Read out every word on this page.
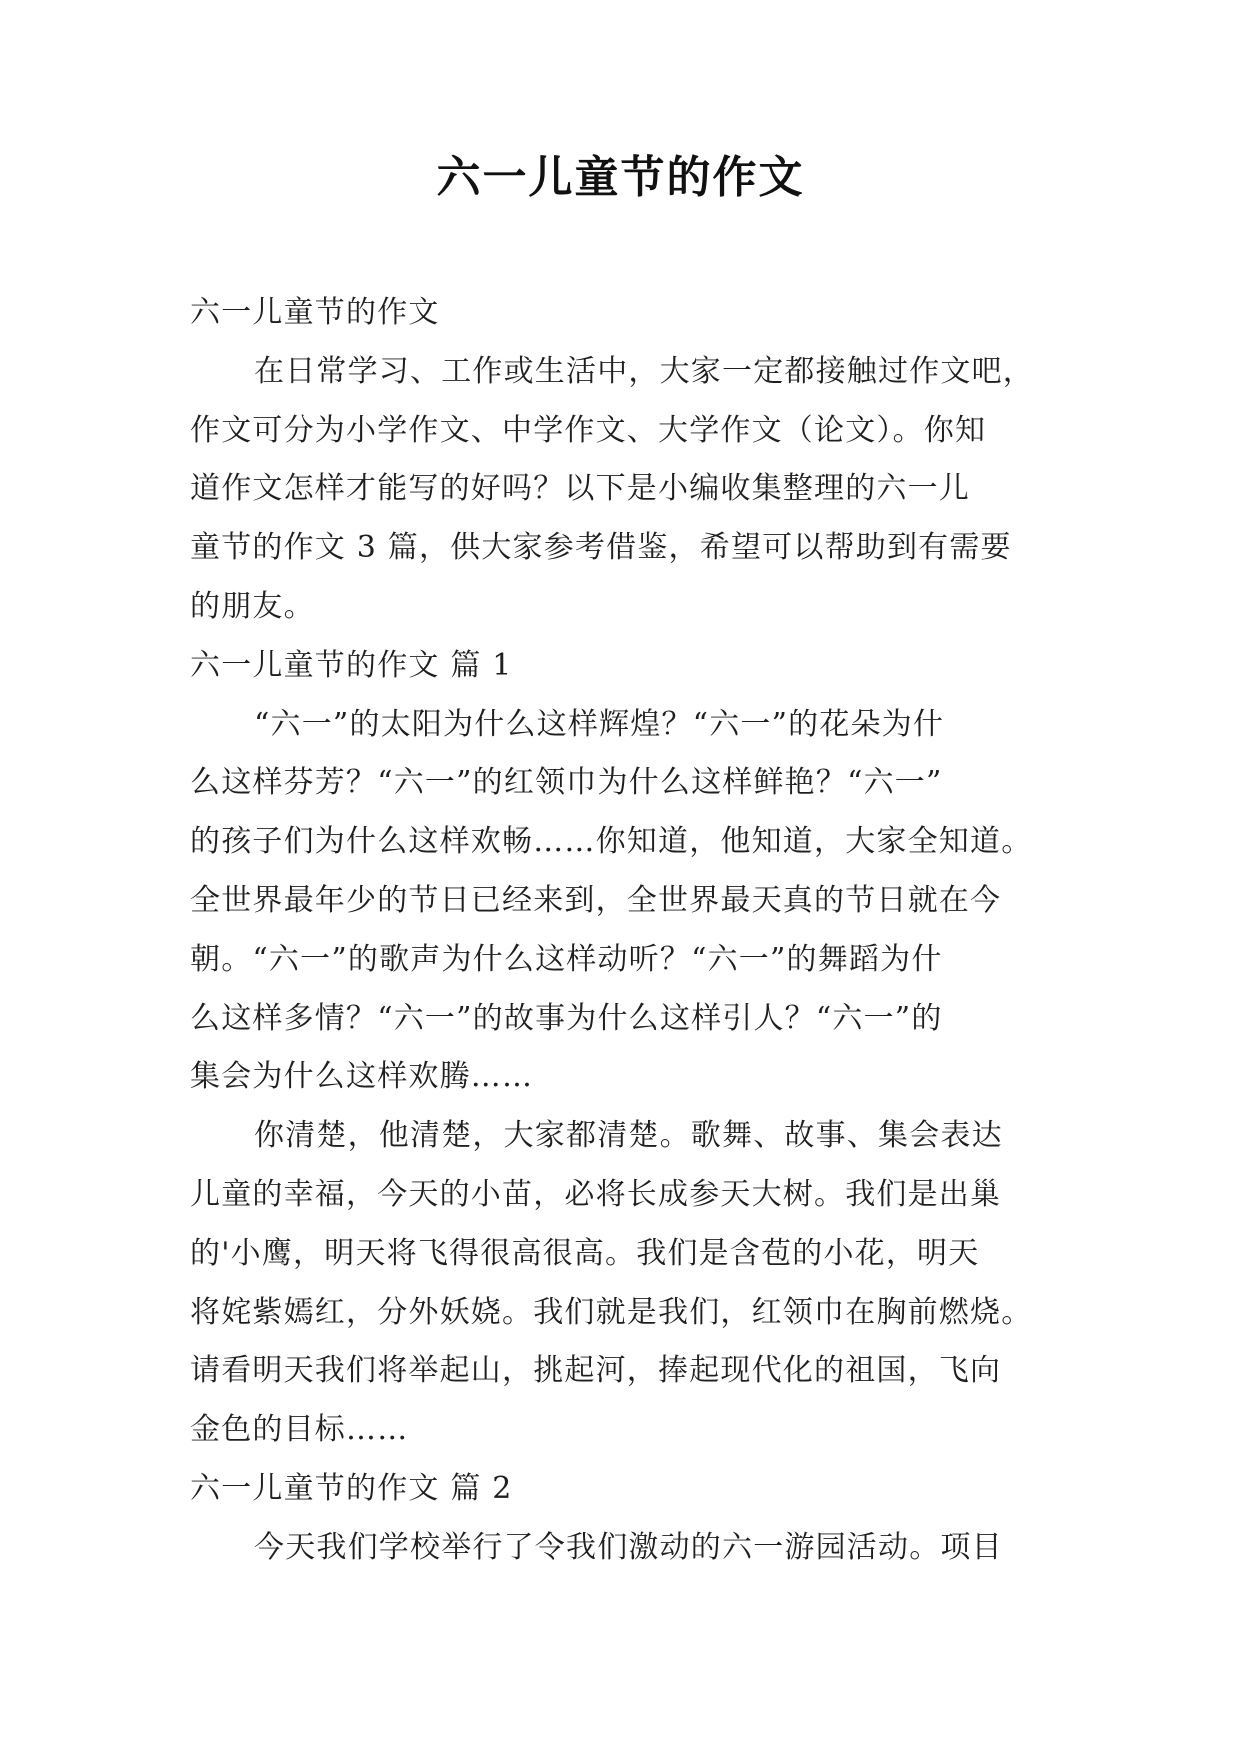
六一儿童节的作文
六一儿童节的作文
在日常学习、工作或生活中，大家一定都接触过作文吧，
作文可分为小学作文、中学作文、大学作文（论文）。你知
道作文怎样才能写的好吗？以下是小编收集整理的六一儿
童节的作文 3 篇，供大家参考借鉴，希望可以帮助到有需要
的朋友。
六一儿童节的作文 篇 1
“六一”的太阳为什么这样辉煌？“六一”的花朵为什
么这样芬芳？“六一”的红领巾为什么这样鲜艳？“六一”
的孩子们为什么这样欢畅……你知道，他知道，大家全知道。
全世界最年少的节日已经来到，全世界最天真的节日就在今
朝。“六一”的歌声为什么这样动听？“六一”的舞蹈为什
么这样多情？“六一”的故事为什么这样引人？“六一”的
集会为什么这样欢腾……
你清楚，他清楚，大家都清楚。歌舞、故事、集会表达
儿童的幸福，今天的小苗，必将长成参天大树。我们是出巢
的'小鹰，明天将飞得很高很高。我们是含苞的小花，明天
将姹紫嫣红，分外妖娆。我们就是我们，红领巾在胸前燃烧。
请看明天我们将举起山，挑起河，捧起现代化的祖国，飞向
金色的目标……
六一儿童节的作文 篇 2
今天我们学校举行了令我们激动的六一游园活动。项目
